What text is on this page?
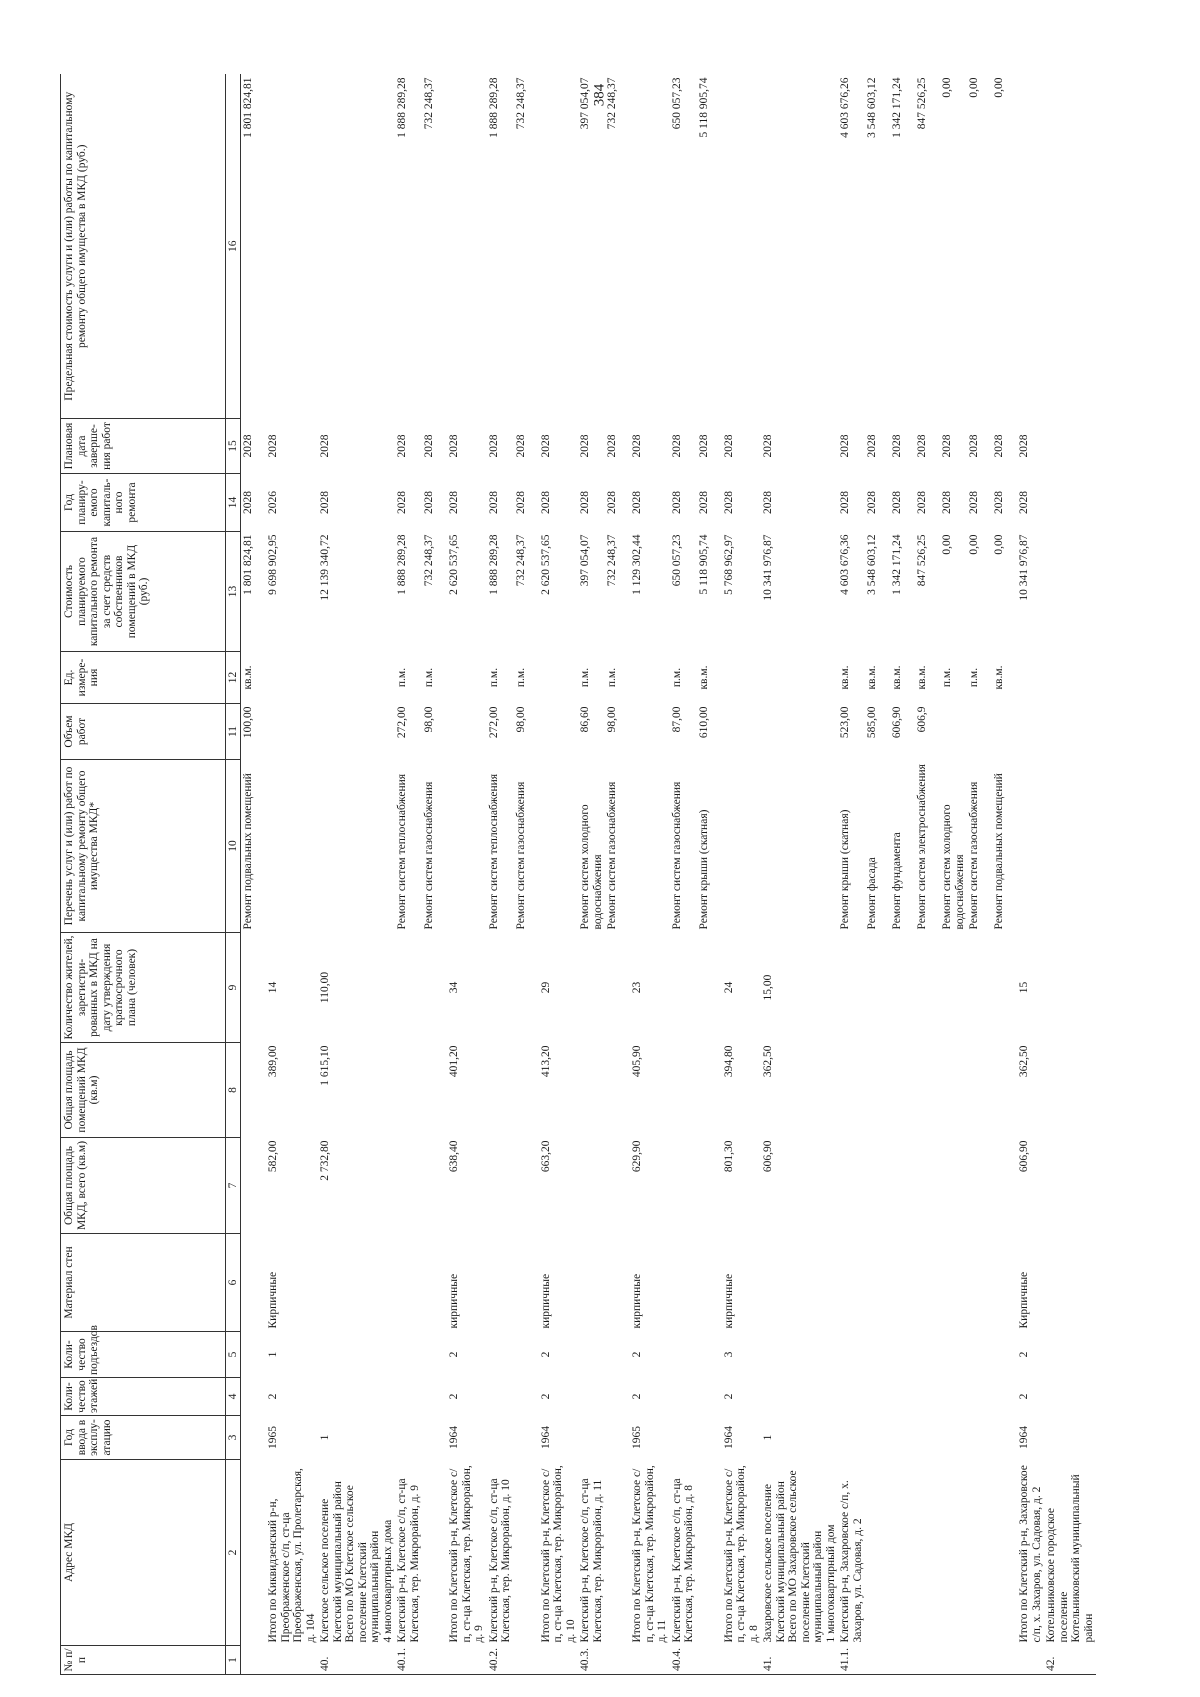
384
№ п/п	Адрес МКД	Год ввода в эксплу-атацию	Коли-чество этажей	Коли-чество подъездов	Материал стен	Общая площадь МКД, всего (кв.м)	Общая площадь помещений МКД (кв.м)	Количество жителей, зарегистри-рованных в МКД на дату утверждения краткосрочного плана (человек)	Перечень услуг и (или) работ по капитальному ремонту общего имущества МКД*	Объем работ	Ед. измере-ния	Стоимость планируемого капитального ремонта за счет средств собственников помещений в МКД (руб.)	Год планиру-емого капиталь-ного ремонта	Плановая дата заверше-ния работ	Предельная стоимость услуги и (или) работы по капитальному ремонту общего имущества в МКД (руб.)
1	2	3	4	5	6	7	8	9	10	11	12	13	14	15	16
									Ремонт подвальных помещений	100,00	кв.м.	1 801 824,81	2028	2028	1 801 824,81
	Итого по Киквидзенский р-н, Преображенское с/п, ст-ца Преображенская, ул. Пролетарская, д. 104	1965	2	1	Кирпичные	582,00	389,00	14				9 698 902,95	2026	2028	
40.	Клетское сельское поселение Клетский муниципальный район
Всего по МО Клетское сельское поселение Клетский муниципальный район
4 многоквартирных дома	1				2 732,80	1 615,10	110,00				12 139 340,72	2028	2028	
40.1.	Клетский р-н, Клетское с/п, ст-ца Клетская, тер. Микрорайон, д. 9								Ремонт систем теплоснабжения	272,00	п.м.	1 888 289,28	2028	2028	1 888 289,28
									Ремонт систем газоснабжения	98,00	п.м.	732 248,37	2028	2028	732 248,37
	Итого по Клетский р-н, Клетское с/п, ст-ца Клетская, тер. Микрорайон, д. 9	1964	2	2	кирпичные	638,40	401,20	34				2 620 537,65	2028	2028	
40.2.	Клетский р-н, Клетское с/п, ст-ца Клетская, тер. Микрорайон, д. 10								Ремонт систем теплоснабжения	272,00	п.м.	1 888 289,28	2028	2028	1 888 289,28
									Ремонт систем газоснабжения	98,00	п.м.	732 248,37	2028	2028	732 248,37
	Итого по Клетский р-н, Клетское с/п, ст-ца Клетская, тер. Микрорайон, д. 10	1964	2	2	кирпичные	663,20	413,20	29				2 620 537,65	2028	2028	
40.3.	Клетский р-н, Клетское с/п, ст-ца Клетская, тер. Микрорайон, д. 11								Ремонт систем холодного водоснабжения	86,60	п.м.	397 054,07	2028	2028	397 054,07
									Ремонт систем газоснабжения	98,00	п.м.	732 248,37	2028	2028	732 248,37
	Итого по Клетский р-н, Клетское с/п, ст-ца Клетская, тер. Микрорайон, д. 11	1965	2	2	кирпичные	629,90	405,90	23				1 129 302,44	2028	2028	
40.4.	Клетский р-н, Клетское с/п, ст-ца Клетская, тер. Микрорайон, д. 8								Ремонт систем газоснабжения	87,00	п.м.	650 057,23	2028	2028	650 057,23
									Ремонт крыши (скатная)	610,00	кв.м.	5 118 905,74	2028	2028	5 118 905,74
	Итого по Клетский р-н, Клетское с/п, ст-ца Клетская, тер. Микрорайон, д. 8	1964	2	3	кирпичные	801,30	394,80	24				5 768 962,97	2028	2028	
41.	Захаровское сельское поселение Клетский муниципальный район
Всего по МО Захаровское сельское поселение Клетский муниципальный район
1 многоквартирный дом	1				606,90	362,50	15,00				10 341 976,87	2028	2028	
41.1.	Клетский р-н, Захаровское с/п, х. Захаров, ул. Садовая, д. 2								Ремонт крыши (скатная)	523,00	кв.м.	4 603 676,36	2028	2028	4 603 676,26
									Ремонт фасада	585,00	кв.м.	3 548 603,12	2028	2028	3 548 603,12
									Ремонт фундамента	606,90	кв.м.	1 342 171,24	2028	2028	1 342 171,24
									Ремонт систем электроснабжения	606,9	кв.м.	847 526,25	2028	2028	847 526,25
									Ремонт систем холодного водоснабжения		п.м.	0,00	2028	2028	0,00
									Ремонт систем газоснабжения		п.м.	0,00	2028	2028	0,00
									Ремонт подвальных помещений		кв.м.	0,00	2028	2028	0,00
	Итого по Клетский р-н, Захаровское с/п, х. Захаров, ул. Садовая, д. 2	1964	2	2	Кирпичные	606,90	362,50	15				10 341 976,87	2028	2028	
42.	Котельниковское городское поселение
Котельниковский муниципальный район														
